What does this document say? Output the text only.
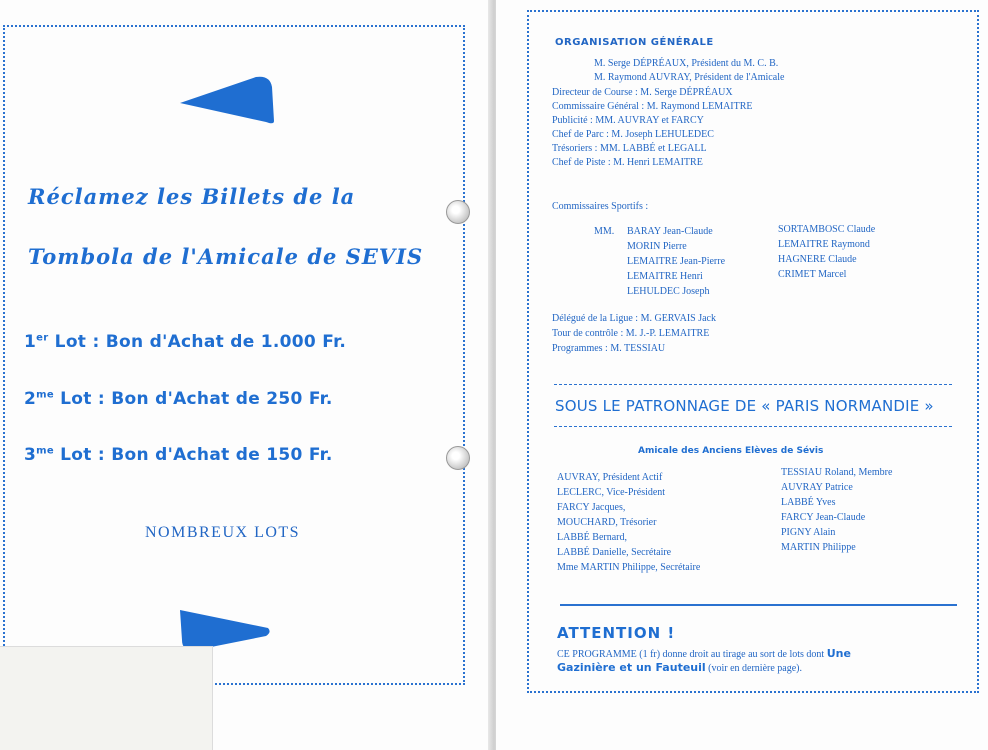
Réclamez les Billets de la
Tombola de l'Amicale de SEVIS
1er Lot : Bon d'Achat de 1.000 Fr.
$2^{me}$ Lot : Bon d'Achat de 250 Fr.
$3^{me}$ Lot : Bon d'Achat de 150 Fr.
NOMBREUX LOTS
ORGANISATION GÉNÉRALE
M. Serge DÉPRÉAUX, Président du M. C. B.
M. Raymond AUVRAY, Président de l'Amicale
Directeur de Course : M. Serge DÉPRÉAUX
Commissaire Général : M. Raymond LEMAITRE
Publicité : MM. AUVRAY et FARCY
Chef de Parc : M. Joseph LEHULEDEC
Trésoriers : MM. LABBÉ et LEGALL
Chef de Piste : M. Henri LEMAITRE
Commissaires Sportifs :
MM. BARAY Jean-Claude
MORIN Pierre
LEMAITRE Jean-Pierre
LEMAITRE Henri
LEHULDEC Joseph
SORTAMBOSC Claude
LEMAITRE Raymond
HAGNERE Claude
CRIMET Marcel
Délégué de la Ligue : M. GERVAIS Jack
Tour de contrôle : M. J.-P. LEMAITRE
Programmes : M. TESSIAU
SOUS LE PATRONNAGE DE « PARIS NORMANDIE »
Amicale des Anciens Elèves de Sévis
AUVRAY, Président Actif
LECLERC, Vice-Président
FARCY Jacques,
MOUCHARD, Trésorier
LABBÉ Bernard,
LABBÉ Danielle, Secrétaire
Mme MARTIN Philippe, Secrétaire
TESSIAU Roland, Membre
AUVRAY Patrice
LABBÉ Yves
FARCY Jean-Claude
PIGNY Alain
MARTIN Philippe
ATTENTION !
CE PROGRAMME (1 fr) donne droit au tirage au sort de lots dont Une
Gazinière et un Fauteuil (voir en dernière page).
